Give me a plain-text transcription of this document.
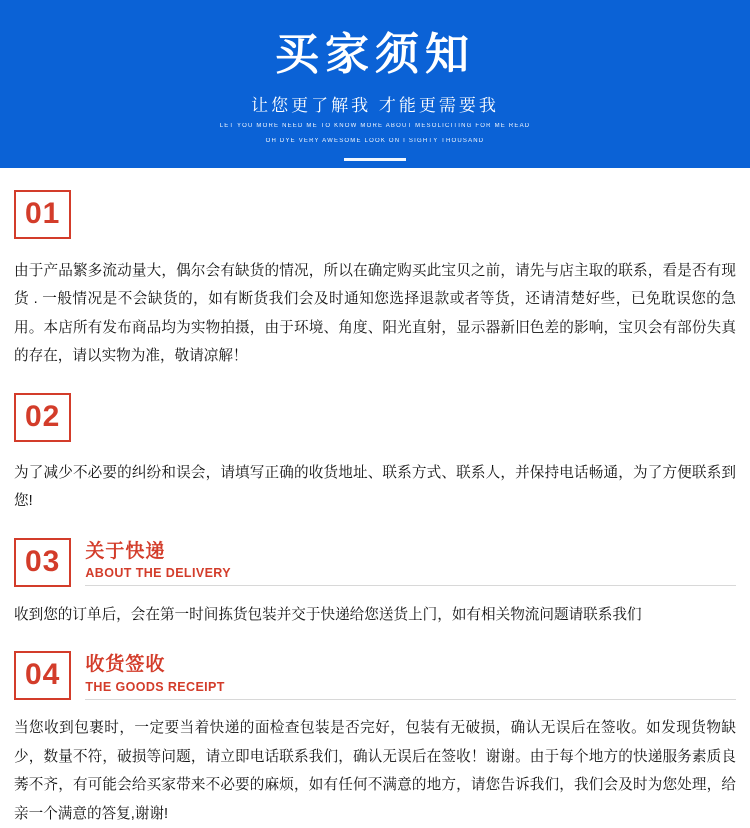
买家须知
让您更了解我 才能更需要我
LET YOU MORE NEED ME TO KNOW MORE ABOUT MESOLICITING FOR ME READ
OH DYE VERY AWESOME LOOK ON I SIGHTY THOUSAND
01
由于产品繁多流动量大，偶尔会有缺货的情况，所以在确定购买此宝贝之前，请先与店主取的联系，看是否有现货 . 一般情况是不会缺货的，如有断货我们会及时通知您选择退款或者等货，还请清楚好些，已免耽误您的急用。本店所有发布商品均为实物拍摄，由于环境、角度、阳光直射，显示器新旧色差的影响，宝贝会有部份失真的存在，请以实物为准，敬请凉解！
02
为了减少不必要的纠纷和误会，请填写正确的收货地址、联系方式、联系人，并保持电话畅通，为了方便联系到您!
03	关于快递
ABOUT THE DELIVERY
收到您的订单后，会在第一时间拣货包装并交于快递给您送货上门，如有相关物流问题请联系我们
04	收货签收
THE GOODS RECEIPT
当您收到包裹时，一定要当着快递的面检查包装是否完好，包装有无破损，确认无误后在签收。如发现货物缺少，数量不符，破损等问题，请立即电话联系我们，确认无误后在签收！谢谢。由于每个地方的快递服务素质良莠不齐，有可能会给买家带来不必要的麻烦，如有任何不满意的地方，请您告诉我们，我们会及时为您处理，给亲一个满意的答复,谢谢!
